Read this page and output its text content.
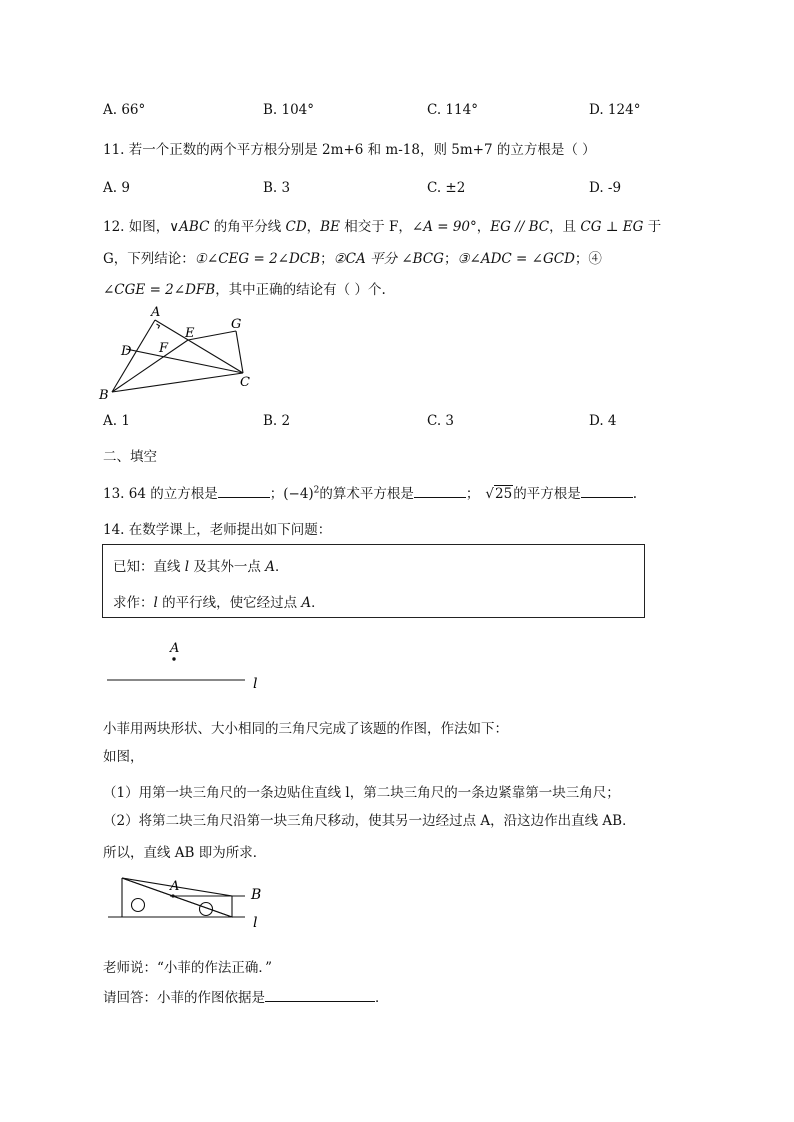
A. 66°	B. 104°	C. 114°	D. 124°
11. 若一个正数的两个平方根分别是 2m+6 和 m-18，则 5m+7 的立方根是（ ）
A. 9	B. 3	C. ±2	D. -9
12. 如图，∨ABC 的角平分线 CD，BE 相交于 F，∠A = 90°，EG // BC，且 CG ⊥ EG 于
G，下列结论：①∠CEG = 2∠DCB；②CA 平分 ∠BCG；③∠ADC = ∠GCD；④
∠CGE = 2∠DFB，其中正确的结论有（ ）个.
A
B
C
D
E
F
G
A. 1	B. 2	C. 3	D. 4
二、填空
13. 64 的立方根是	；$(-4)^2$的算术平方根是	； √25的平方根是	.
14. 在数学课上，老师提出如下问题：
已知：直线 l 及其外一点 A．
求作：l 的平行线，使它经过点 A．
A
l
小菲用两块形状、大小相同的三角尺完成了该题的作图，作法如下：
如图，
（1）用第一块三角尺的一条边贴住直线 l，第二块三角尺的一条边紧靠第一块三角尺；
（2）将第二块三角尺沿第一块三角尺移动，使其另一边经过点 A，沿这边作出直线 AB．
所以，直线 AB 即为所求．
A
B
l
老师说：“小菲的作法正确．”
请回答：小菲的作图依据是	．
